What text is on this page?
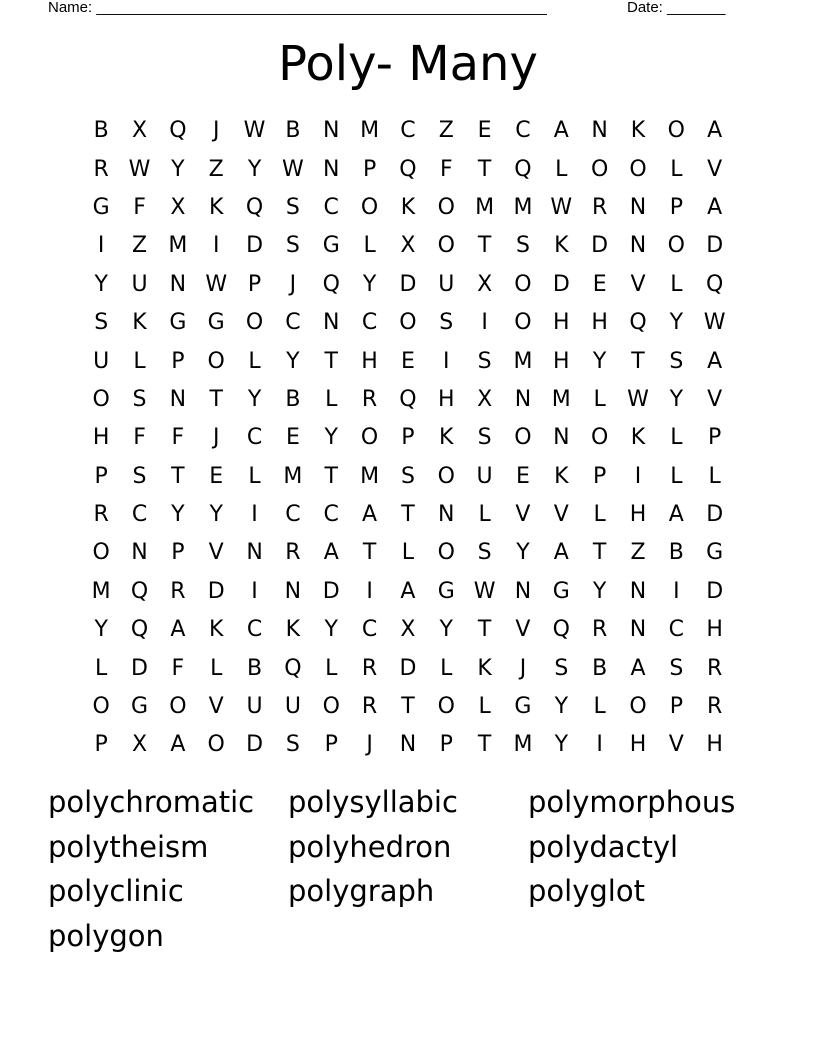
Name: ______________________________________________________	Date: _______
Poly- Many
B	X	Q	J	W B	N M C	Z	E	C	A	N	K	O	A
R W Y	Z	Y W N	P	Q	F	T	Q	L	O O	L	V
G	F	X	K	Q	S	C O	K	O M M W R	N	P	A
I	Z M	I	D	S	G	L	X	O	T	S	K	D N O D
Y	U	N W P	J	Q	Y	D U	X	O D	E	V	L	Q
S	K	G G O	C	N	C O	S	I	O H H Q	Y W
U	L	P	O	L	Y	T	H	E	I	S M H	Y	T	S	A
O	S	N	T	Y	B	L	R	Q H	X	N M	L W Y	V
H	F	F	J	C	E	Y	O	P	K	S	O N O	K	L	P
P	S	T	E	L	M	T	M S	O U	E	K	P	I	L	L
R	C	Y	Y	I	C	C	A	T	N	L	V	V	L	H	A	D
O N	P	V	N	R	A	T	L	O	S	Y	A	T	Z	B	G
M Q	R	D	I	N D	I	A	G W N G	Y	N	I	D
Y	Q	A	K	C	K	Y	C	X	Y	T	V	Q	R	N	C	H
L	D	F	L	B	Q	L	R	D	L	K	J	S	B	A	S	R
O G O	V	U	U O	R	T	O	L	G	Y	L	O	P	R
P	X	A	O D	S	P	J	N	P	T	M	Y	I	H	V	H
polychromatic	polysyllabic	polymorphous
polytheism	polyhedron	polydactyl
polyclinic	polygraph	polyglot
polygon
